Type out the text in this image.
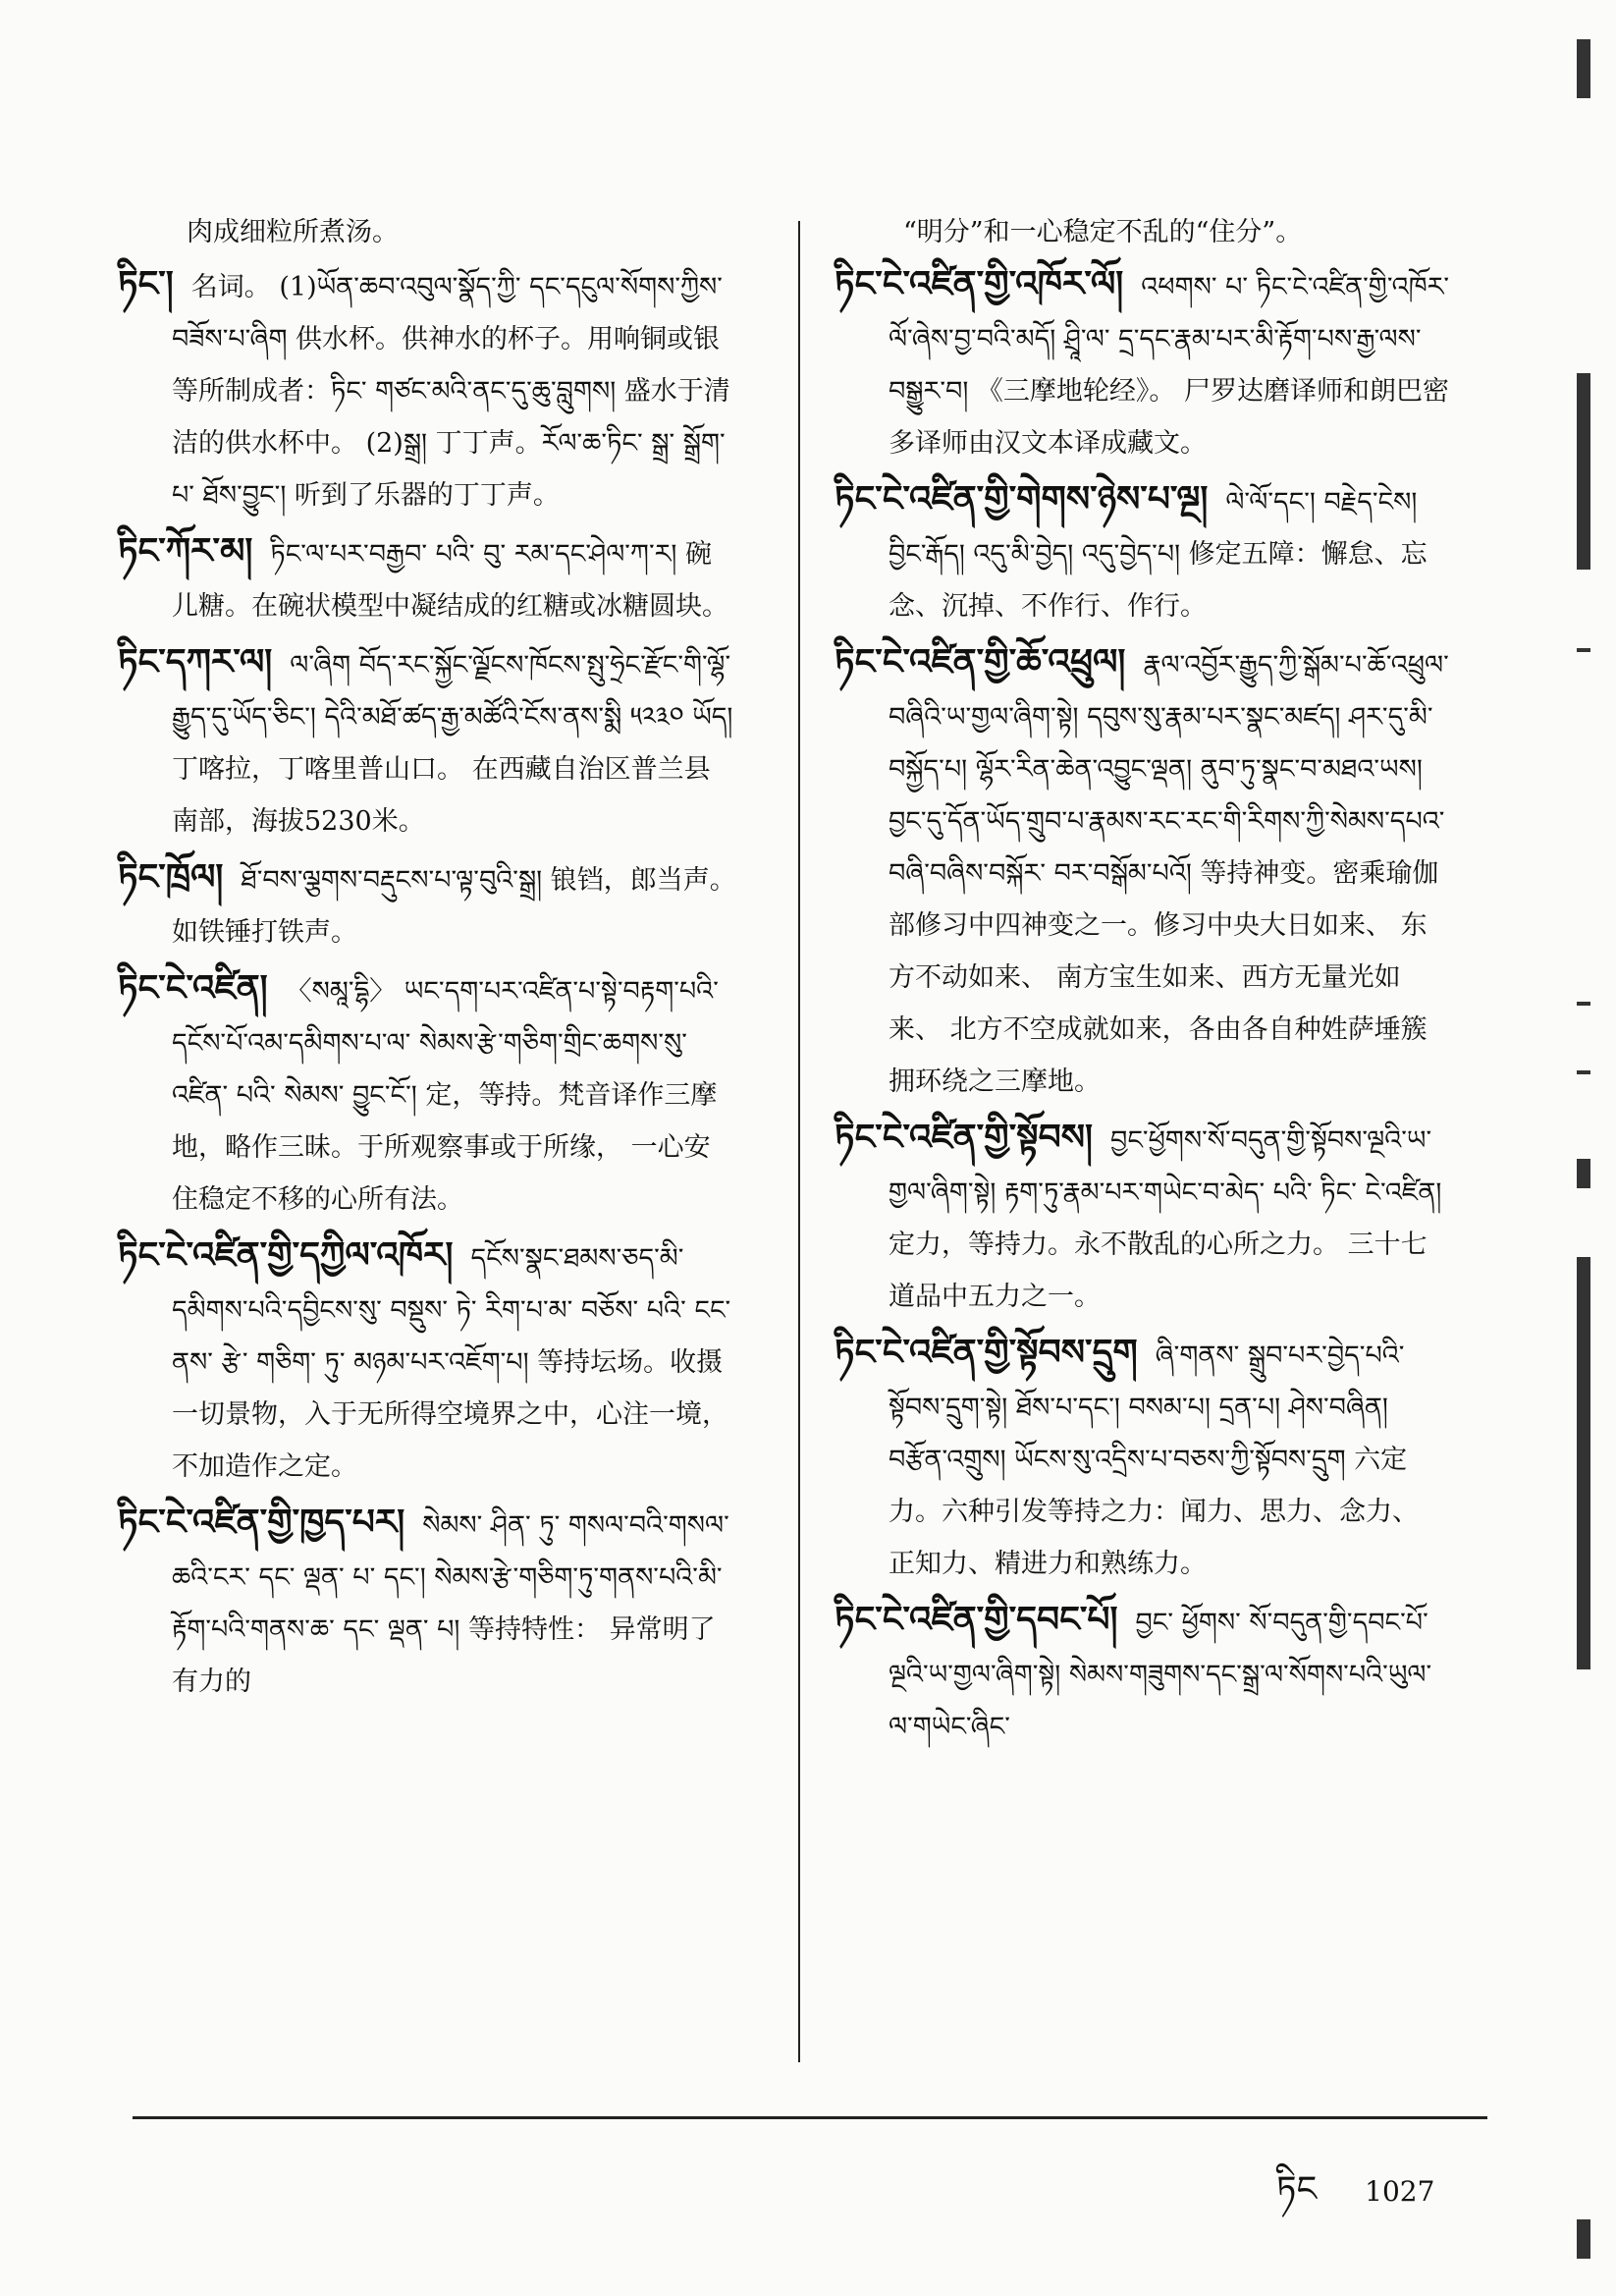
肉成细粒所煮汤。
ཏིང་། 名词。 (1)ཡོན་ཆབ་འབུལ་སྣོད་ཀྱི་ དང་དངུལ་སོགས་ཀྱིས་བཟོས་པ་ཞིག 供水杯。供神水的杯子。用响铜或银等所制成者：ཏིང་ གཙང་མའི་ནང་དུ་ཆུ་བླུགས། 盛水于清洁的供水杯中。 (2)སྒྲ། 丁丁声。རོལ་ཆ་ཏིང་ སྒྲ་ སྒྲོག་པ་ ཐོས་བྱུང་། 听到了乐器的丁丁声。
ཏིང་ཀོར་མ། ཏིང་ལ་པར་བརྒྱབ་ པའི་ བུ་ རམ་དང་ཤེལ་ཀ་ར། 碗儿糖。在碗状模型中凝结成的红糖或冰糖圆块。
ཏིང་དཀར་ལ། ལ་ཞིག བོད་རང་སྐྱོང་ལྗོངས་ཁོངས་སྤུ་ཧྲེང་རྫོང་གི་ལྷོ་རྒྱུད་དུ་ཡོད་ཅིང་། དེའི་མཐོ་ཚད་རྒྱ་མཚོའི་ངོས་ནས་སྨི ༥༢༣༠ ཡོད། 丁喀拉，丁喀里普山口。 在西藏自治区普兰县南部，海拔5230米。
ཏིང་ཁྲོལ། ཐོ་བས་ལྕགས་བརྡུངས་པ་ལྟ་བུའི་སྒྲ། 锒铛，郎当声。如铁锤打铁声。
ཏིང་ངེ་འཛིན། 〈སམཱ་དྷི〉 ཡང་དག་པར་འཛིན་པ་སྟེ་བརྟག་པའི་དངོས་པོ་འམ་དམིགས་པ་ལ་ སེམས་རྩེ་གཅིག་གྲིང་ཆགས་སུ་འཛིན་ པའི་ སེམས་ བྱུང་ངོ་། 定，等持。梵音译作三摩地，略作三昧。于所观察事或于所缘， 一心安住稳定不移的心所有法。
ཏིང་ངེ་འཛིན་གྱི་དཀྱིལ་འཁོར། དངོས་སྣང་ཐམས་ཅད་མི་དམིགས་པའི་དབྱིངས་སུ་ བསྡུས་ ཏེ་ རིག་པ་མ་ བཅོས་ པའི་ ངང་ ནས་ རྩེ་ གཅིག་ ཏུ་ མཉམ་པར་འཇོག་པ། 等持坛场。收摄一切景物，入于无所得空境界之中，心注一境， 不加造作之定。
ཏིང་ངེ་འཛིན་གྱི་ཁྱད་པར། སེམས་ ཤིན་ ཏུ་ གསལ་བའི་གསལ་ཆའི་ངར་ དང་ ལྡན་ པ་ དང་། སེམས་རྩེ་གཅིག་ཏུ་གནས་པའི་མི་རྟོག་པའི་གནས་ཆ་ དང་ ལྡན་ པ། 等持特性： 异常明了有力的
“明分”和一心稳定不乱的“住分”。
ཏིང་ངེ་འཛིན་གྱི་འཁོར་ལོ། འཕགས་ པ་ ཏིང་ངེ་འཛིན་གྱི་འཁོར་ལོ་ཞེས་བྱ་བའི་མདོ། ཤྲཱི་ལ་ དྲ་དང་རྣམ་པར་མི་རྟོག་པས་རྒྱ་ལས་ བསྒྱུར་བ། 《三摩地轮经》。 尸罗达磨译师和朗巴密多译师由汉文本译成藏文。
ཏིང་ངེ་འཛིན་གྱི་གེགས་ཉེས་པ་ལྔ། ལེ་ལོ་དང་། བརྗེད་ངེས། བྱིང་རྒོད། འདུ་མི་བྱེད། འདུ་བྱེད་པ། 修定五障：懈怠、忘念、沉掉、不作行、作行。
ཏིང་ངེ་འཛིན་གྱི་ཆོ་འཕྲུལ། རྣལ་འབྱོར་རྒྱུད་ཀྱི་སྒོམ་པ་ཆོ་འཕྲུལ་བཞིའི་ཡ་གྱལ་ཞིག་སྟེ། དབུས་སུ་རྣམ་པར་སྣང་མཛད། ཤར་དུ་མི་བསྐྱོད་པ། ལྷོར་རིན་ཆེན་འབྱུང་ལྡན། ནུབ་ཏུ་སྣང་བ་མཐའ་ཡས། བྱང་དུ་དོན་ཡོད་གྲུབ་པ་རྣམས་རང་རང་གི་རིགས་ཀྱི་སེམས་དཔའ་བཞི་བཞིས་བསྐོར་ བར་བསྒོམ་པའོ། 等持神变。密乘瑜伽部修习中四神变之一。修习中央大日如来、 东方不动如来、 南方宝生如来、西方无量光如来、 北方不空成就如来，各由各自种姓萨埵簇拥环绕之三摩地。
ཏིང་ངེ་འཛིན་གྱི་སྟོབས། བྱང་ཕྱོགས་སོ་བདུན་གྱི་སྟོབས་ལྔའི་ཡ་གྱལ་ཞིག་སྟེ། རྟག་ཏུ་རྣམ་པར་གཡེང་བ་མེད་ པའི་ ཏིང་ ངེ་འཛིན། 定力，等持力。永不散乱的心所之力。 三十七道品中五力之一。
ཏིང་ངེ་འཛིན་གྱི་སྟོབས་དྲུག ཞི་གནས་ སྒྲུབ་པར་བྱེད་པའི་སྟོབས་དྲུག་སྟེ། ཐོས་པ་དང་། བསམ་པ། དྲན་པ། ཤེས་བཞིན། བརྩོན་འགྲུས། ཡོངས་སུ་འདྲིས་པ་བཅས་ཀྱི་སྟོབས་དྲུག 六定力。六种引发等持之力：闻力、思力、念力、 正知力、精进力和熟练力。
ཏིང་ངེ་འཛིན་གྱི་དབང་པོ། བྱང་ ཕྱོགས་ སོ་བདུན་གྱི་དབང་པོ་ལྔའི་ཡ་གྱལ་ཞིག་སྟེ། སེམས་གཟུགས་དང་སྒྲ་ལ་སོགས་པའི་ཡུལ་ལ་གཡེང་ཞིང་
ཏིང 1027
